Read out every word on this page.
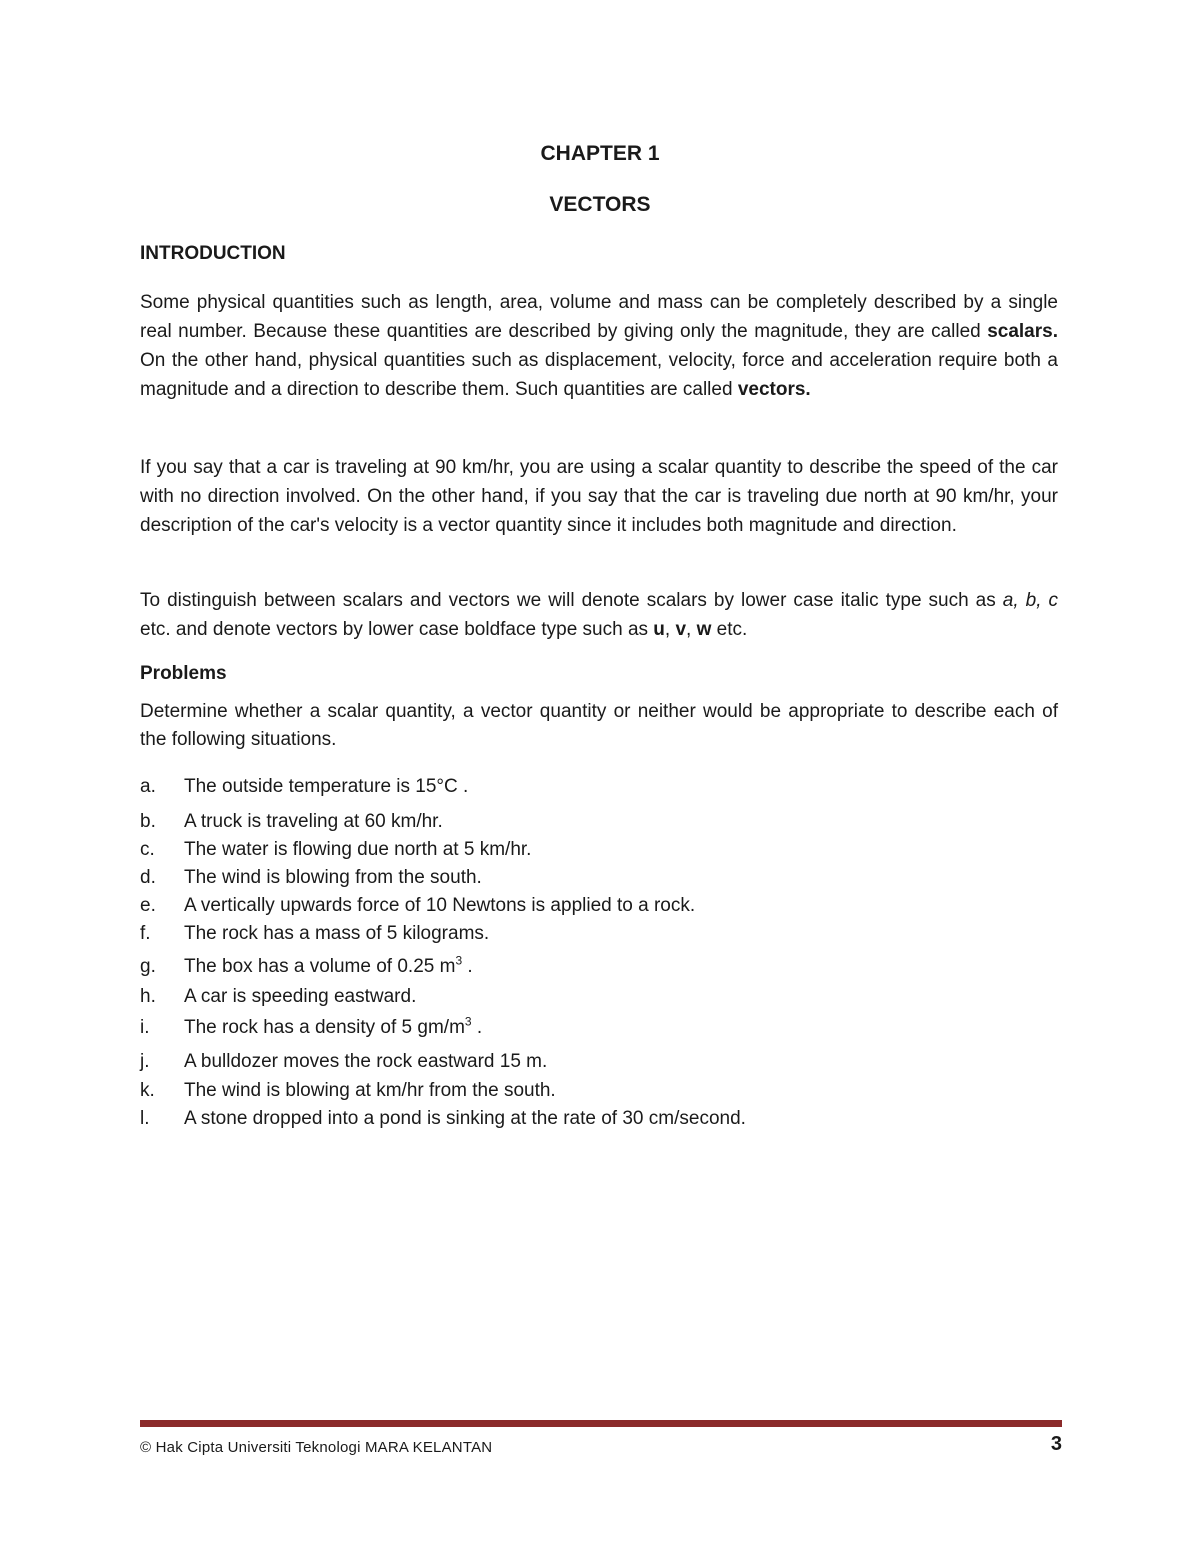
CHAPTER 1
VECTORS
INTRODUCTION

Some physical quantities such as length, area, volume and mass can be completely described by a single real number. Because these quantities are described by giving only the magnitude, they are called scalars. On the other hand, physical quantities such as displacement, velocity, force and acceleration require both a magnitude and a direction to describe them. Such quantities are called vectors.

If you say that a car is traveling at 90 km/hr, you are using a scalar quantity to describe the speed of the car with no direction involved. On the other hand, if you say that the car is traveling due north at 90 km/hr, your description of the car's velocity is a vector quantity since it includes both magnitude and direction.

To distinguish between scalars and vectors we will denote scalars by lower case italic type such as a, b, c etc. and denote vectors by lower case boldface type such as u, v, w etc.

Problems

Determine whether a scalar quantity, a vector quantity or neither would be appropriate to describe each of the following situations.

a. The outside temperature is 15°C .
b. A truck is traveling at 60 km/hr.
c. The water is flowing due north at 5 km/hr.
d. The wind is blowing from the south.
e. A vertically upwards force of 10 Newtons is applied to a rock.
f. The rock has a mass of 5 kilograms.
g. The box has a volume of 0.25 $m^3$ .
h. A car is speeding eastward.
i. The rock has a density of 5 $gm/m^3$ .
j. A bulldozer moves the rock eastward 15 m.
k. The wind is blowing at km/hr from the south.
l. A stone dropped into a pond is sinking at the rate of 30 cm/second.
© Hak Cipta Universiti Teknologi MARA KELANTAN	3
